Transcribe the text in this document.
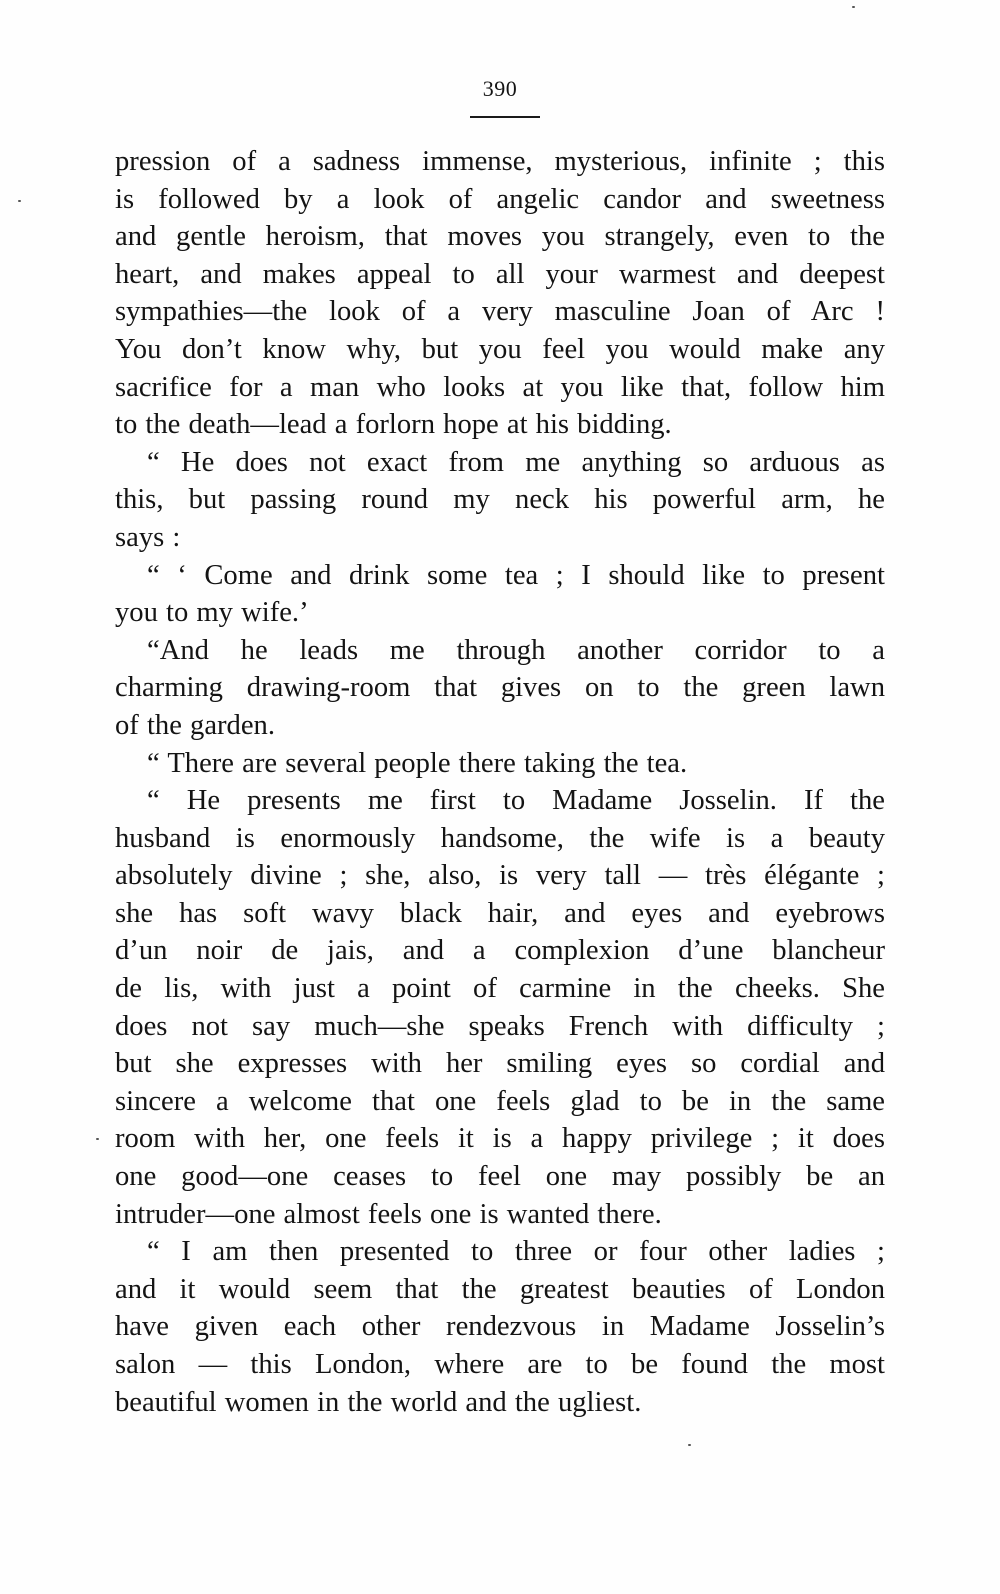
390
pression of a sadness immense, mysterious, infinite ; this
is followed by a look of angelic candor and sweetness
and gentle heroism, that moves you strangely, even to the
heart, and makes appeal to all your warmest and deepest
sympathies—the look of a very masculine Joan of Arc !
You don’t know why, but you feel you would make any
sacrifice for a man who looks at you like that, follow him
to the death—lead a forlorn hope at his bidding.
“ He does not exact from me anything so arduous as
this, but passing round my neck his powerful arm, he
says :
“ ‘ Come and drink some tea ; I should like to present
you to my wife.’
“And he leads me through another corridor to a
charming drawing-room that gives on to the green lawn
of the garden.
“ There are several people there taking the tea.
“ He presents me first to Madame Josselin. If the
husband is enormously handsome, the wife is a beauty
absolutely divine ; she, also, is very tall — très élégante ;
she has soft wavy black hair, and eyes and eyebrows
d’un noir de jais, and a complexion d’une blancheur
de lis, with just a point of carmine in the cheeks. She
does not say much—she speaks French with difficulty ;
but she expresses with her smiling eyes so cordial and
sincere a welcome that one feels glad to be in the same
room with her, one feels it is a happy privilege ; it does
one good—one ceases to feel one may possibly be an
intruder—one almost feels one is wanted there.
“ I am then presented to three or four other ladies ;
and it would seem that the greatest beauties of London
have given each other rendezvous in Madame Josselin’s
salon — this London, where are to be found the most
beautiful women in the world and the ugliest.
